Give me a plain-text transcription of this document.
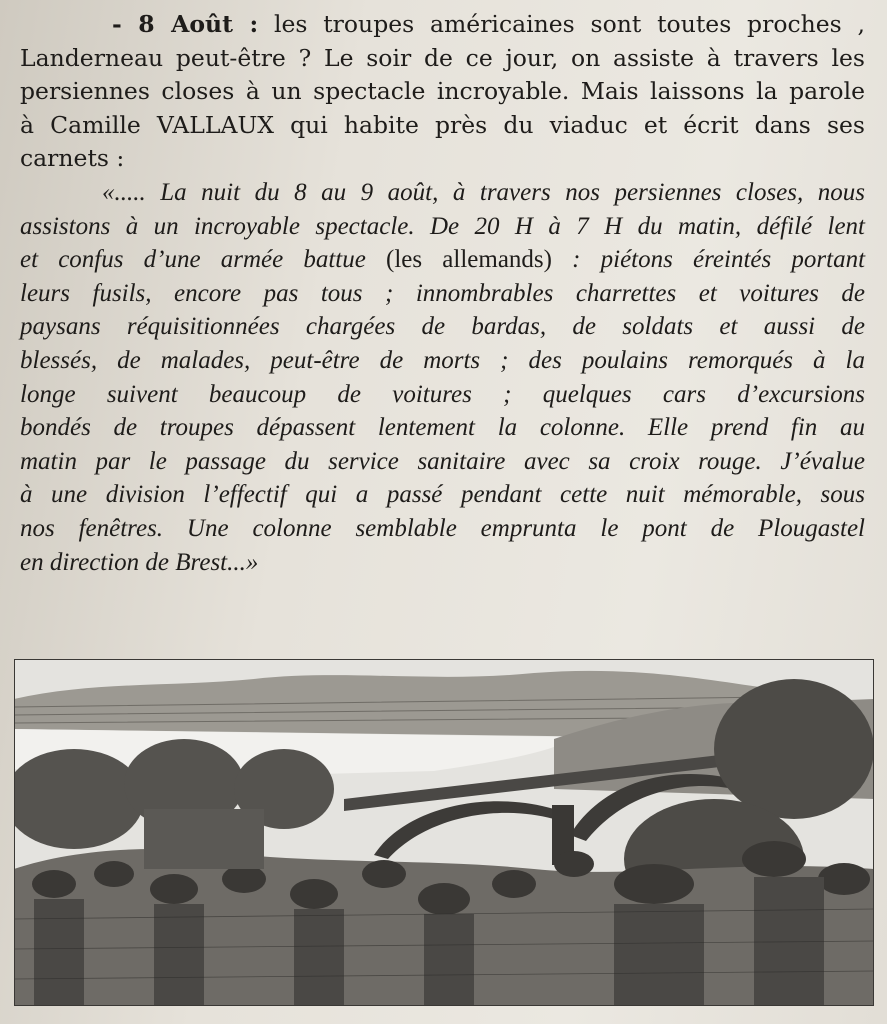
- 8 Août : les troupes américaines sont toutes proches ,
Landerneau peut-être ? Le soir de ce jour, on assiste à travers les
persiennes closes à un spectacle incroyable. Mais laissons la parole
à Camille VALLAUX qui habite près du viaduc et écrit dans ses
carnets :
«..... La nuit du 8 au 9 août, à travers nos persiennes closes, nous
assistons à un incroyable spectacle. De 20 H à 7 H du matin, défilé lent
et confus d’une armée battue (les allemands) : piétons éreintés portant
leurs fusils, encore pas tous ; innombrables charrettes et voitures de
paysans réquisitionnées chargées de bardas, de soldats et aussi de
blessés, de malades, peut-être de morts ; des poulains remorqués à la
longe suivent beaucoup de voitures ; quelques cars d’excursions
bondés de troupes dépassent lentement la colonne. Elle prend fin au
matin par le passage du service sanitaire avec sa croix rouge. J’évalue
à une division l’effectif qui a passé pendant cette nuit mémorable, sous
nos fenêtres. Une colonne semblable emprunta le pont de Plougastel
en direction de Brest...»
